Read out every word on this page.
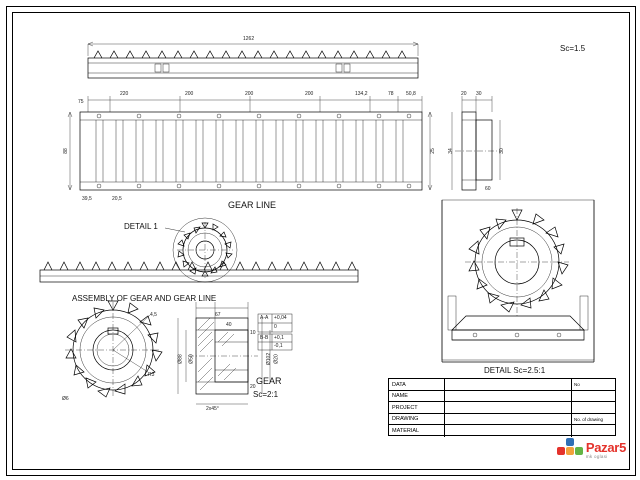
Sc=1.5
1262
220	200	200	200	134,2	78 50,8
75
88	25
39,5	20,5
20 30
34	30
60
GEAR LINE
DETAIL 1
ASSEMBLY OF GEAR AND GEAR LINE
GEAR
Sc=2:1
DETAIL Sc=2.5:1
67
40
10
20
Ø88 Ø50	Ø102 Ø20
2x45°
4,5
R3
Ø6
A-A +0,04
0
B-B +0,1
-0,1
DATA	No
NAME
PROJECT
DRAWING	No. of drawing
MATERIAL
Pazar5
mk oglasi
